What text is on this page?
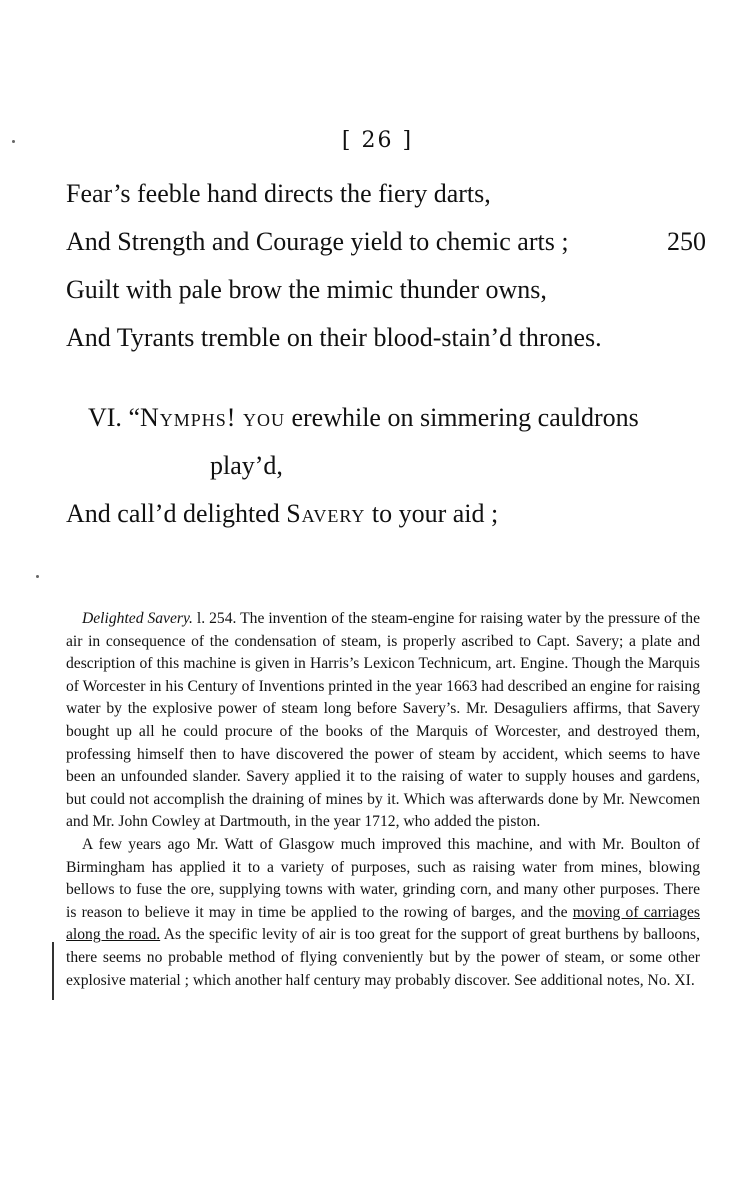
[ 26 ]
Fear’s feeble hand directs the fiery darts,
And Strength and Courage yield to chemic arts ;	250
Guilt with pale brow the mimic thunder owns,
And Tyrants tremble on their blood-stain’d thrones.
VI. “Nymphs! you erewhile on simmering cauldrons
play’d,
And call’d delighted Savery to your aid ;

Delighted Savery. l. 254. The invention of the steam-engine for raising water by the pressure of the air in consequence of the condensation of steam, is properly ascribed to Capt. Savery; a plate and description of this machine is given in Harris’s Lexicon Technicum, art. Engine. Though the Marquis of Worcester in his Century of Inventions printed in the year 1663 had described an engine for raising water by the explosive power of steam long before Savery’s. Mr. Desaguliers affirms, that Savery bought up all he could procure of the books of the Marquis of Worcester, and destroyed them, professing himself then to have discovered the power of steam by accident, which seems to have been an unfounded slander. Savery applied it to the raising of water to supply houses and gardens, but could not accomplish the draining of mines by it. Which was afterwards done by Mr. Newcomen and Mr. John Cowley at Dartmouth, in the year 1712, who added the piston.

A few years ago Mr. Watt of Glasgow much improved this machine, and with Mr. Boulton of Birmingham has applied it to a variety of purposes, such as raising water from mines, blowing bellows to fuse the ore, supplying towns with water, grinding corn, and many other purposes. There is reason to believe it may in time be applied to the rowing of barges, and the moving of carriages along the road. As the specific levity of air is too great for the support of great burthens by balloons, there seems no probable method of flying conveniently but by the power of steam, or some other explosive material ; which another half century may probably discover. See additional notes, No. XI.
